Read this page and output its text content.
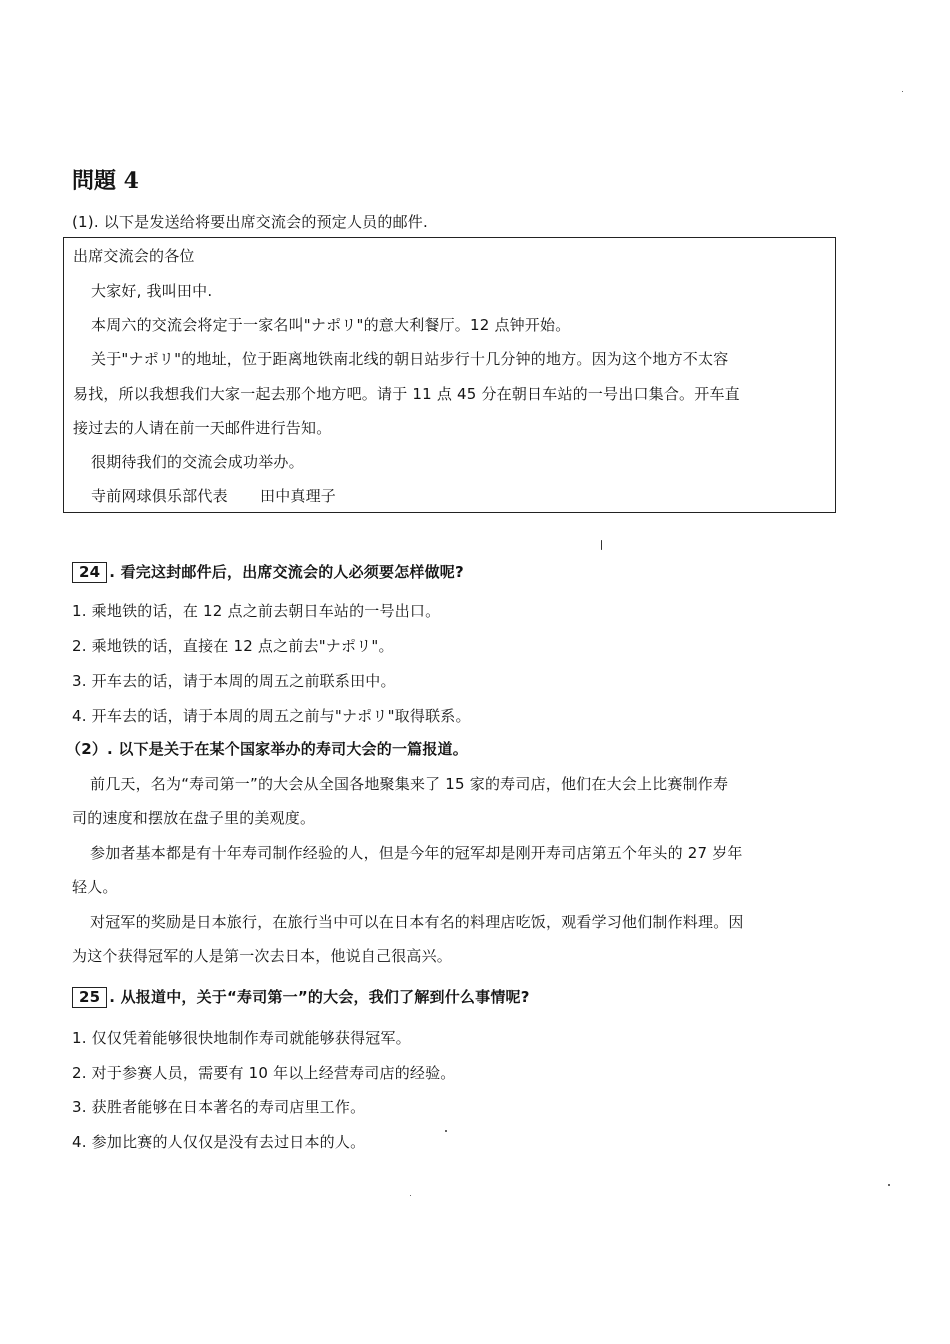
問題 4
(1). 以下是发送给将要出席交流会的预定人员的邮件.
出席交流会的各位
大家好, 我叫田中.
本周六的交流会将定于一家名叫"ナポリ"的意大利餐厅。12 点钟开始。
关于"ナポリ"的地址，位于距离地铁南北线的朝日站步行十几分钟的地方。因为这个地方不太容
易找，所以我想我们大家一起去那个地方吧。请于 11 点 45 分在朝日车站的一号出口集合。开车直
接过去的人请在前一天邮件进行告知。
很期待我们的交流会成功举办。
寺前网球俱乐部代表 田中真理子
24 . 看完这封邮件后，出席交流会的人必须要怎样做呢?
1. 乘地铁的话，在 12 点之前去朝日车站的一号出口。
2. 乘地铁的话，直接在 12 点之前去"ナポリ"。
3. 开车去的话，请于本周的周五之前联系田中。
4. 开车去的话，请于本周的周五之前与"ナポリ"取得联系。
（2）. 以下是关于在某个国家举办的寿司大会的一篇报道。
前几天，名为“寿司第一”的大会从全国各地聚集来了 15 家的寿司店，他们在大会上比赛制作寿
司的速度和摆放在盘子里的美观度。
参加者基本都是有十年寿司制作经验的人，但是今年的冠军却是刚开寿司店第五个年头的 27 岁年
轻人。
对冠军的奖励是日本旅行，在旅行当中可以在日本有名的料理店吃饭，观看学习他们制作料理。因
为这个获得冠军的人是第一次去日本，他说自己很高兴。
25 . 从报道中，关于“寿司第一”的大会，我们了解到什么事情呢?
1. 仅仅凭着能够很快地制作寿司就能够获得冠军。
2. 对于参赛人员，需要有 10 年以上经营寿司店的经验。
3. 获胜者能够在日本著名的寿司店里工作。
4. 参加比赛的人仅仅是没有去过日本的人。
